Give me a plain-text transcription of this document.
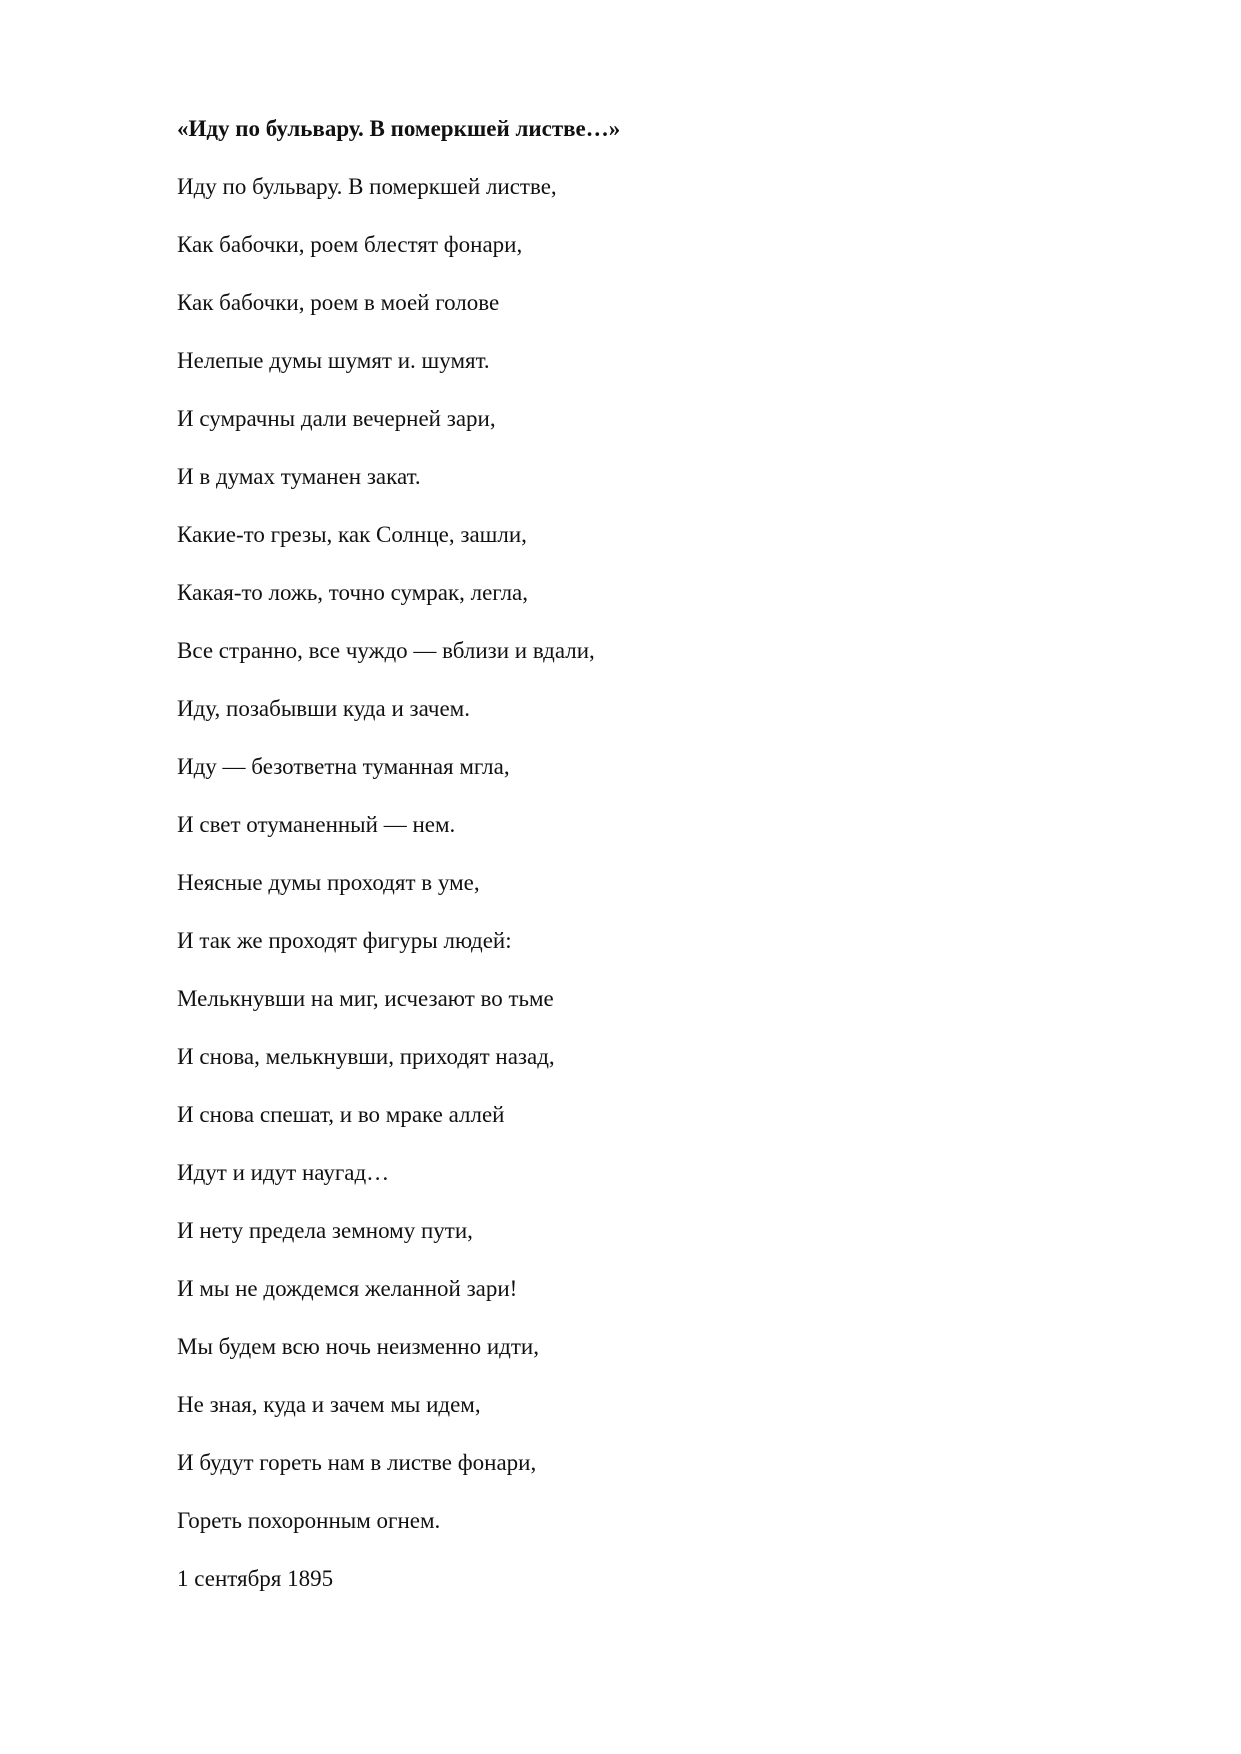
«Иду по бульвару. В померкшей листве…»
Иду по бульвару. В померкшей листве,
Как бабочки, роем блестят фонари,
Как бабочки, роем в моей голове
Нелепые думы шумят и. шумят.
И сумрачны дали вечерней зари,
И в думах туманен закат.
Какие-то грезы, как Солнце, зашли,
Какая-то ложь, точно сумрак, легла,
Все странно, все чуждо — вблизи и вдали,
Иду, позабывши куда и зачем.
Иду — безответна туманная мгла,
И свет отуманенный — нем.
Неясные думы проходят в уме,
И так же проходят фигуры людей:
Мелькнувши на миг, исчезают во тьме
И снова, мелькнувши, приходят назад,
И снова спешат, и во мраке аллей
Идут и идут наугад…
И нету предела земному пути,
И мы не дождемся желанной зари!
Мы будем всю ночь неизменно идти,
Не зная, куда и зачем мы идем,
И будут гореть нам в листве фонари,
Гореть похоронным огнем.
1 сентября 1895
